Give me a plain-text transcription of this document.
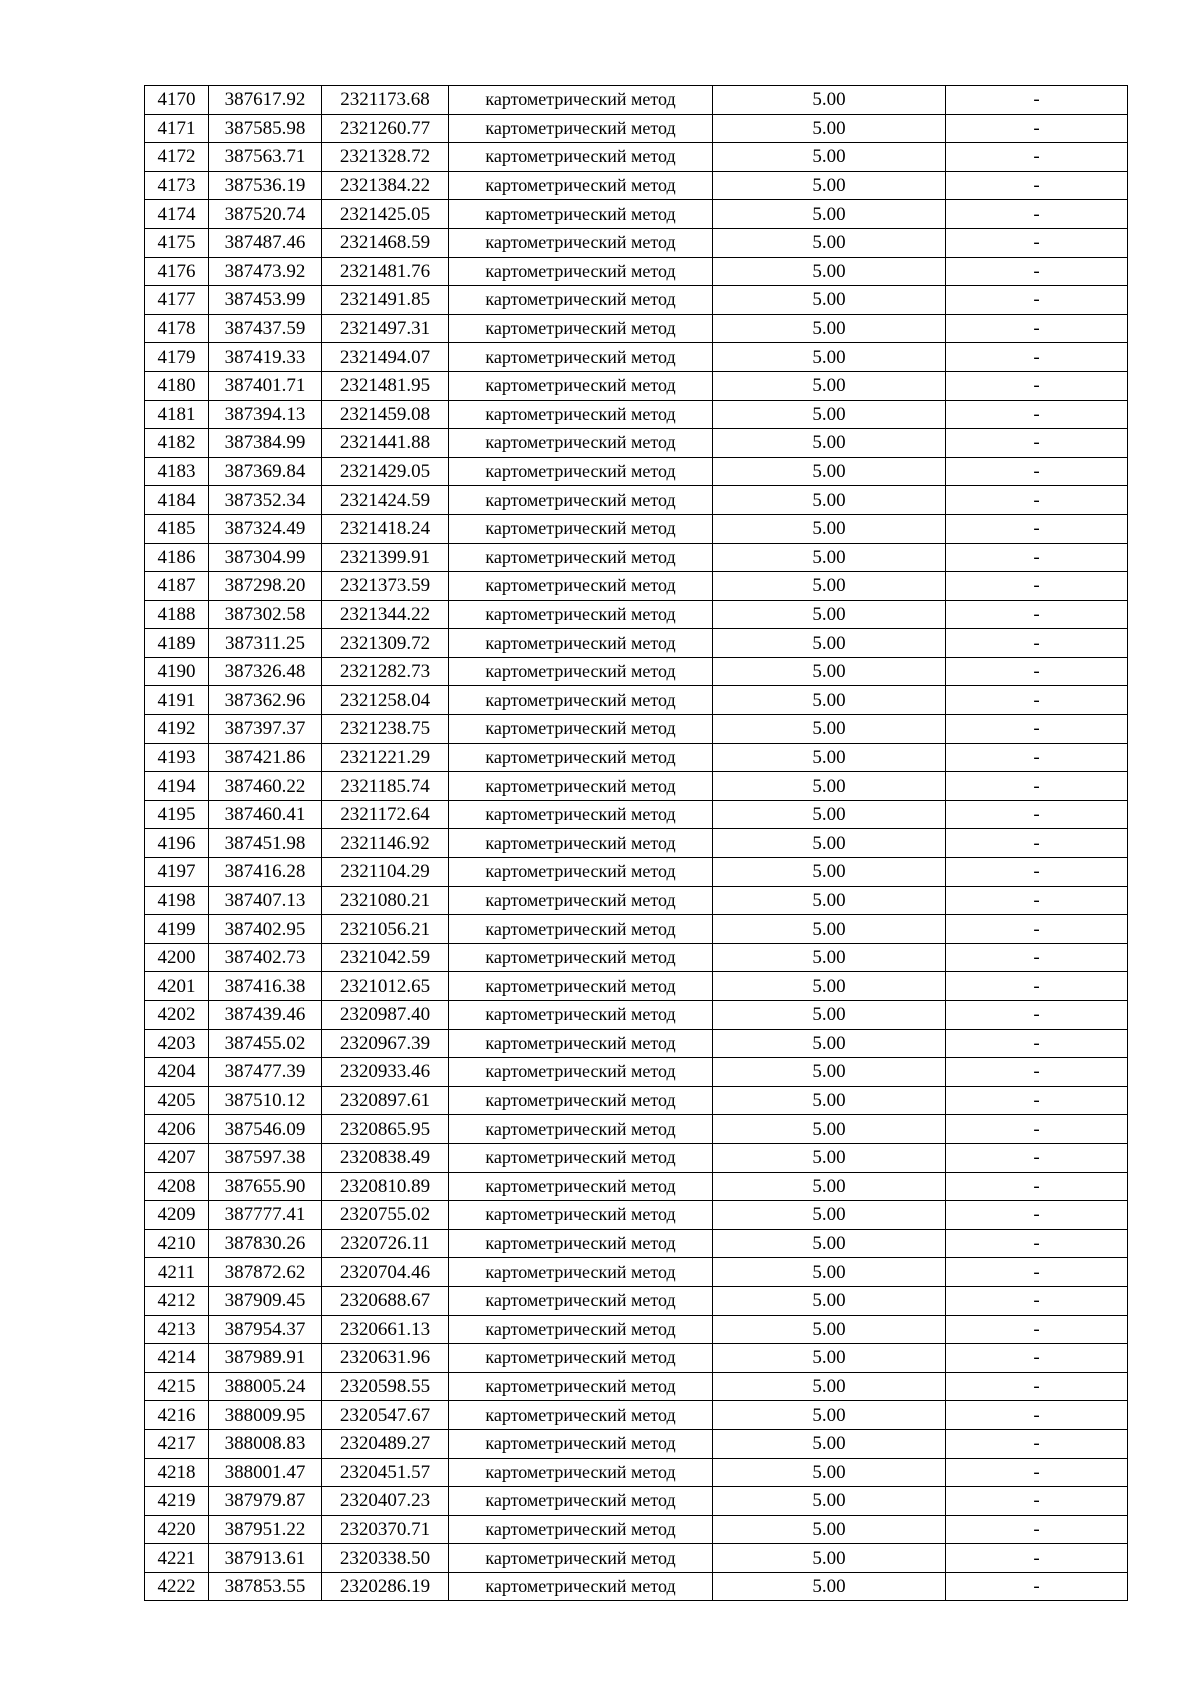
4170	387617.92	2321173.68	картометрический метод	5.00	-
4171	387585.98	2321260.77	картометрический метод	5.00	-
4172	387563.71	2321328.72	картометрический метод	5.00	-
4173	387536.19	2321384.22	картометрический метод	5.00	-
4174	387520.74	2321425.05	картометрический метод	5.00	-
4175	387487.46	2321468.59	картометрический метод	5.00	-
4176	387473.92	2321481.76	картометрический метод	5.00	-
4177	387453.99	2321491.85	картометрический метод	5.00	-
4178	387437.59	2321497.31	картометрический метод	5.00	-
4179	387419.33	2321494.07	картометрический метод	5.00	-
4180	387401.71	2321481.95	картометрический метод	5.00	-
4181	387394.13	2321459.08	картометрический метод	5.00	-
4182	387384.99	2321441.88	картометрический метод	5.00	-
4183	387369.84	2321429.05	картометрический метод	5.00	-
4184	387352.34	2321424.59	картометрический метод	5.00	-
4185	387324.49	2321418.24	картометрический метод	5.00	-
4186	387304.99	2321399.91	картометрический метод	5.00	-
4187	387298.20	2321373.59	картометрический метод	5.00	-
4188	387302.58	2321344.22	картометрический метод	5.00	-
4189	387311.25	2321309.72	картометрический метод	5.00	-
4190	387326.48	2321282.73	картометрический метод	5.00	-
4191	387362.96	2321258.04	картометрический метод	5.00	-
4192	387397.37	2321238.75	картометрический метод	5.00	-
4193	387421.86	2321221.29	картометрический метод	5.00	-
4194	387460.22	2321185.74	картометрический метод	5.00	-
4195	387460.41	2321172.64	картометрический метод	5.00	-
4196	387451.98	2321146.92	картометрический метод	5.00	-
4197	387416.28	2321104.29	картометрический метод	5.00	-
4198	387407.13	2321080.21	картометрический метод	5.00	-
4199	387402.95	2321056.21	картометрический метод	5.00	-
4200	387402.73	2321042.59	картометрический метод	5.00	-
4201	387416.38	2321012.65	картометрический метод	5.00	-
4202	387439.46	2320987.40	картометрический метод	5.00	-
4203	387455.02	2320967.39	картометрический метод	5.00	-
4204	387477.39	2320933.46	картометрический метод	5.00	-
4205	387510.12	2320897.61	картометрический метод	5.00	-
4206	387546.09	2320865.95	картометрический метод	5.00	-
4207	387597.38	2320838.49	картометрический метод	5.00	-
4208	387655.90	2320810.89	картометрический метод	5.00	-
4209	387777.41	2320755.02	картометрический метод	5.00	-
4210	387830.26	2320726.11	картометрический метод	5.00	-
4211	387872.62	2320704.46	картометрический метод	5.00	-
4212	387909.45	2320688.67	картометрический метод	5.00	-
4213	387954.37	2320661.13	картометрический метод	5.00	-
4214	387989.91	2320631.96	картометрический метод	5.00	-
4215	388005.24	2320598.55	картометрический метод	5.00	-
4216	388009.95	2320547.67	картометрический метод	5.00	-
4217	388008.83	2320489.27	картометрический метод	5.00	-
4218	388001.47	2320451.57	картометрический метод	5.00	-
4219	387979.87	2320407.23	картометрический метод	5.00	-
4220	387951.22	2320370.71	картометрический метод	5.00	-
4221	387913.61	2320338.50	картометрический метод	5.00	-
4222	387853.55	2320286.19	картометрический метод	5.00	-
